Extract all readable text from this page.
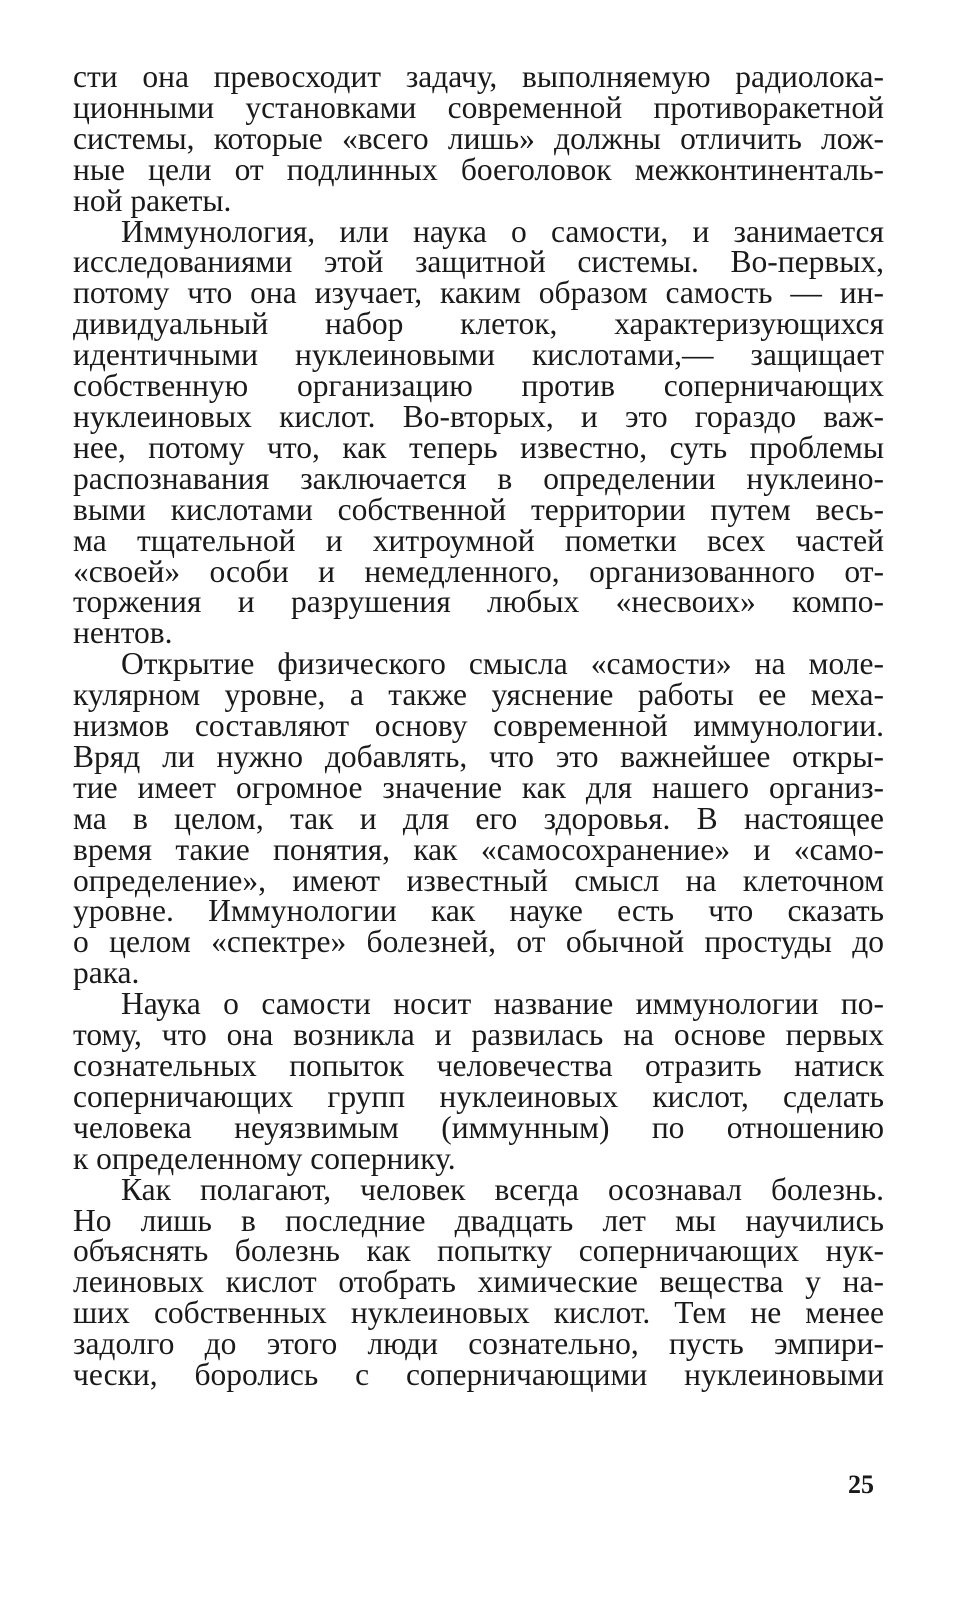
сти она превосходит задачу, выполняемую радиолока-
ционными установками современной противоракетной
системы, которые «всего лишь» должны отличить лож-
ные цели от подлинных боеголовок межконтиненталь-
ной ракеты.
Иммунология, или наука о самости, и занимается
исследованиями этой защитной системы. Во-первых,
потому что она изучает, каким образом самость — ин-
дивидуальный набор клеток, характеризующихся
идентичными нуклеиновыми кислотами,— защищает
собственную организацию против соперничающих
нуклеиновых кислот. Во-вторых, и это гораздо важ-
нее, потому что, как теперь известно, суть проблемы
распознавания заключается в определении нуклеино-
выми кислотами собственной территории путем весь-
ма тщательной и хитроумной пометки всех частей
«своей» особи и немедленного, организованного от-
торжения и разрушения любых «несвоих» компо-
нентов.
Открытие физического смысла «самости» на моле-
кулярном уровне, а также уяснение работы ее меха-
низмов составляют основу современной иммунологии.
Вряд ли нужно добавлять, что это важнейшее откры-
тие имеет огромное значение как для нашего организ-
ма в целом, так и для его здоровья. В настоящее
время такие понятия, как «самосохранение» и «само-
определение», имеют известный смысл на клеточном
уровне. Иммунологии как науке есть что сказать
о целом «спектре» болезней, от обычной простуды до
рака.
Наука о самости носит название иммунологии по-
тому, что она возникла и развилась на основе первых
сознательных попыток человечества отразить натиск
соперничающих групп нуклеиновых кислот, сделать
человека неуязвимым (иммунным) по отношению
к определенному сопернику.
Как полагают, человек всегда осознавал болезнь.
Но лишь в последние двадцать лет мы научились
объяснять болезнь как попытку соперничающих нук-
леиновых кислот отобрать химические вещества у на-
ших собственных нуклеиновых кислот. Тем не менее
задолго до этого люди сознательно, пусть эмпири-
чески, боролись с соперничающими нуклеиновыми
25
